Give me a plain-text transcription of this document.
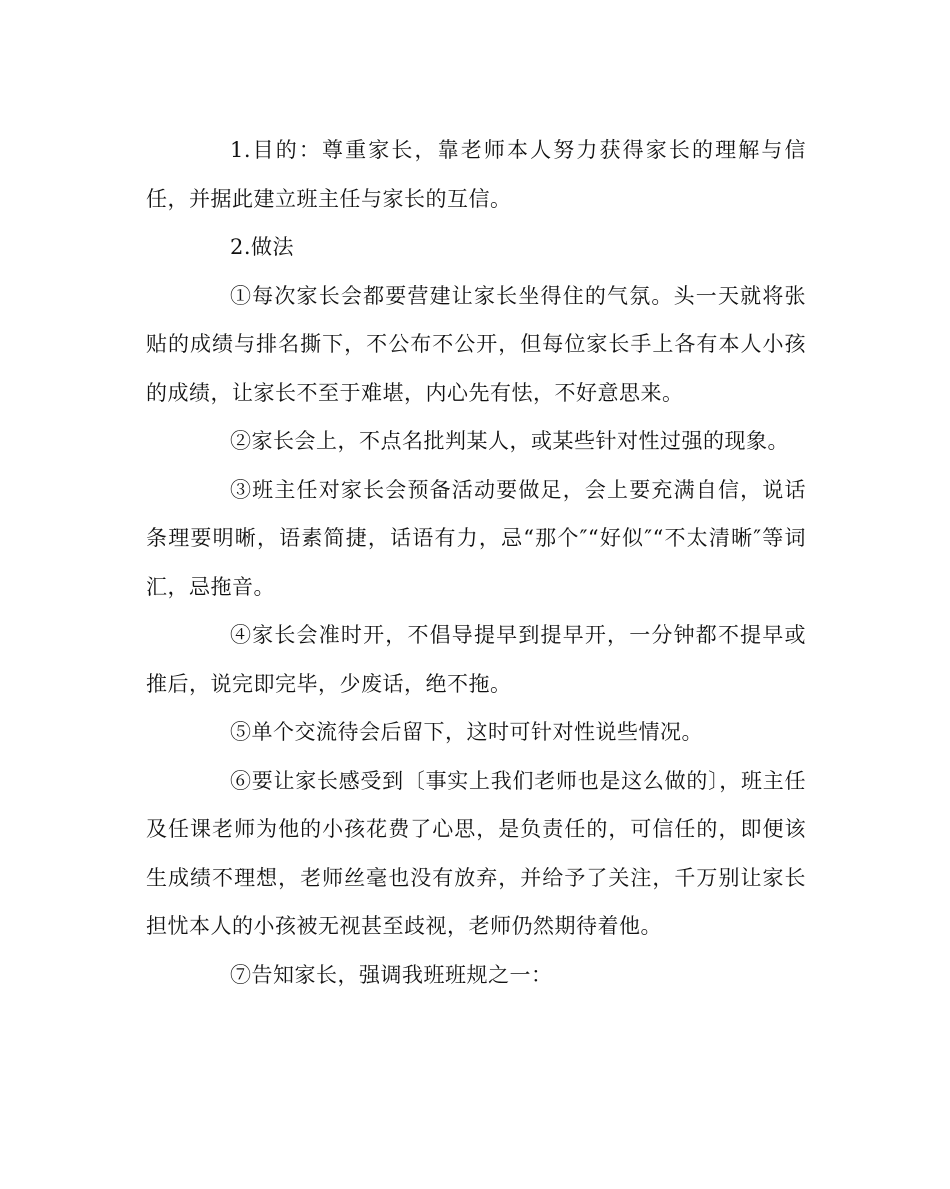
1.目的：尊重家长，靠老师本人努力获得家长的理解与信任，并据此建立班主任与家长的互信。

2.做法

①每次家长会都要营建让家长坐得住的气氛。头一天就将张贴的成绩与排名撕下，不公布不公开，但每位家长手上各有本人小孩的成绩，让家长不至于难堪，内心先有怯，不好意思来。

②家长会上，不点名批判某人，或某些针对性过强的现象。

③班主任对家长会预备活动要做足，会上要充满自信，说话条理要明晰，语素简捷，话语有力，忌“那个″“好似″“不太清晰″等词汇，忌拖音。

④家长会准时开，不倡导提早到提早开，一分钟都不提早或推后，说完即完毕，少废话，绝不拖。

⑤单个交流待会后留下，这时可针对性说些情况。

⑥要让家长感受到〔事实上我们老师也是这么做的〕，班主任及任课老师为他的小孩花费了心思，是负责任的，可信任的，即便该生成绩不理想，老师丝毫也没有放弃，并给予了关注，千万别让家长担忧本人的小孩被无视甚至歧视，老师仍然期待着他。

⑦告知家长，强调我班班规之一：
